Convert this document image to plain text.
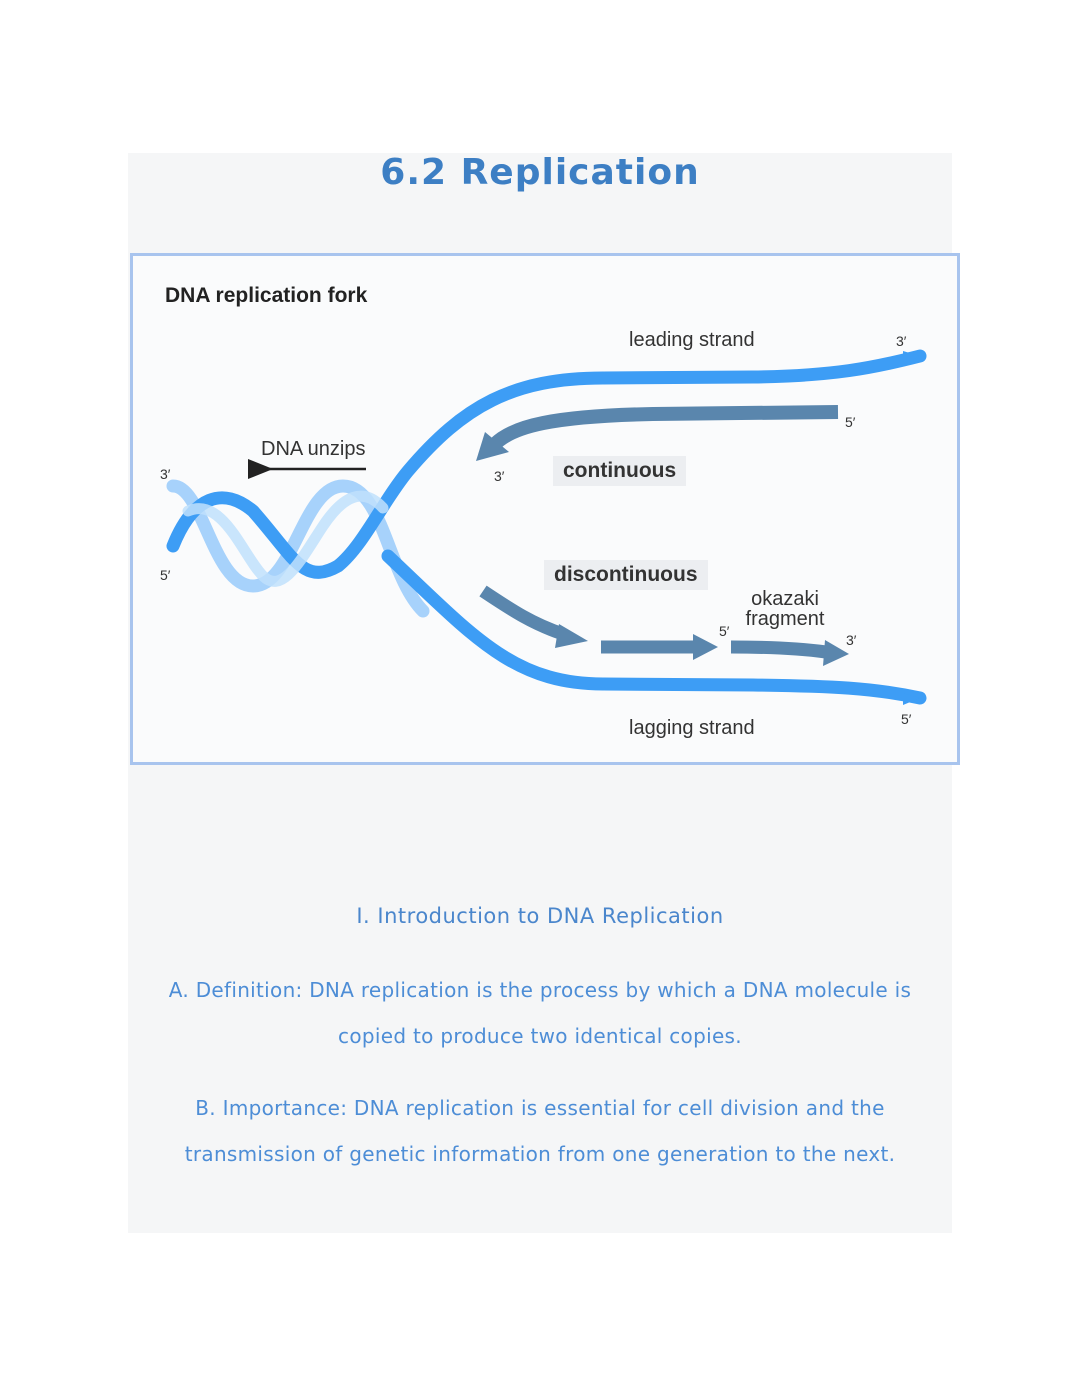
6.2 Replication
DNA replication fork
leading strand
lagging strand
DNA unzips
continuous
discontinuous
okazaki
fragment
3′
5′
3′
5′
3′
5′
3′
5′

I. Introduction to DNA Replication

A. Definition: DNA replication is the process by which a DNA molecule is copied to produce two identical copies.

B. Importance: DNA replication is essential for cell division and the transmission of genetic information from one generation to the next.
